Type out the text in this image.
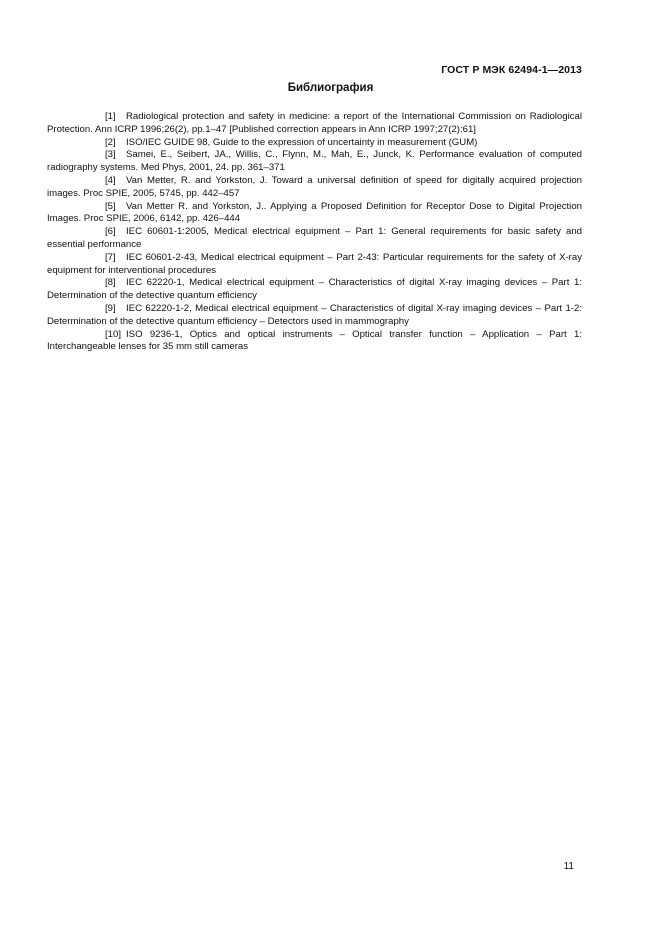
ГОСТ Р МЭК 62494-1—2013
Библиография

[1] Radiological protection and safety in medicine: a report of the International Commission on Radiological Protection. Ann ICRP 1996;26(2), pp.1–47 [Published correction appears in Ann ICRP 1997;27(2):61]

[2] ISO/IEC GUIDE 98, Guide to the expression of uncertainty in measurement (GUM)

[3] Samei, E., Seibert, JA., Willis, C., Flynn, M., Mah, E., Junck, K. Performance evaluation of computed radiography systems. Med Phys, 2001, 24. pp. 361–371

[4] Van Metter, R. and Yorkston, J. Toward a universal definition of speed for digitally acquired projection images. Proc SPIE, 2005, 5745, pp. 442–457

[5] Van Metter R. and Yorkston, J.. Applying a Proposed Definition for Receptor Dose to Digital Projection Images. Proc SPIE, 2006, 6142, pp. 426–444

[6] IEC 60601-1:2005, Medical electrical equipment – Part 1: General requirements for basic safety and essential performance

[7] IEC 60601-2-43, Medical electrical equipment – Part 2-43: Particular requirements for the safety of X-ray equipment for interventional procedures

[8] IEC 62220-1, Medical electrical equipment – Characteristics of digital X-ray imaging devices – Part 1: Determination of the detective quantum efficiency

[9] IEC 62220-1-2, Medical electrical equipment – Characteristics of digital X-ray imaging devices – Part 1-2: Determination of the detective quantum efficiency – Detectors used in mammography

[10] ISO 9236-1, Optics and optical instruments – Optical transfer function – Application – Part 1: Interchangeable lenses for 35 mm still cameras

11
